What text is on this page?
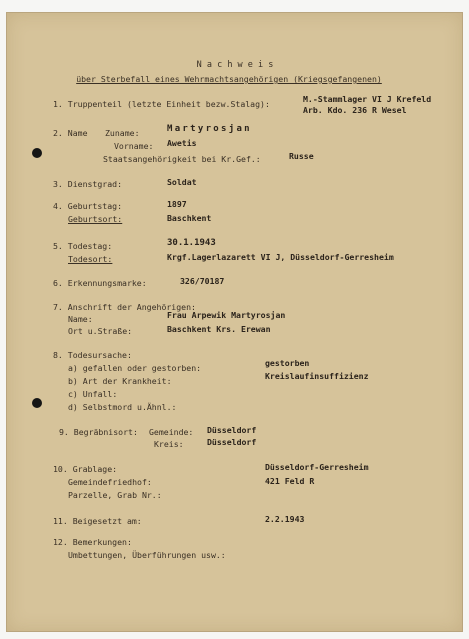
N a c h w e i s
über Sterbefall eines Wehrmachtsangehörigen (Kriegsgefangenen)
1. Truppenteil (letzte Einheit bezw.Stalag):	M.-Stammlager VI J Krefeld
Arb. Kdo. 236 R Wesel
2. Name Zuname:	Martyrosjan
Vorname: Awetis
Staatsangehörigkeit bei Kr.Gef.:	Russe
3. Dienstgrad:	Soldat
4. Geburtstag:	1897
Geburtsort:	Baschkent
5. Todestag:	30.1.1943
Todesort:	Krgf.Lagerlazarett VI J, Düsseldorf-Gerresheim
6. Erkennungsmarke:	326/70187
7. Anschrift der Angehörigen:
Name:	Frau Arpewik Martyrosjan
Ort u.Straße:	Baschkent Krs. Erewan
8. Todesursache:
a) gefallen oder gestorben:	gestorben
b) Art der Krankheit:	Kreislaufinsuffizienz
c) Unfall:
d) Selbstmord u.Ähnl.:
9. Begräbnisort: Gemeinde: Düsseldorf
Kreis:	Düsseldorf
10. Grablage:	Düsseldorf-Gerresheim
Gemeindefriedhof:	421 Feld R
Parzelle, Grab Nr.:
11. Beigesetzt am:	2.2.1943
12. Bemerkungen:
Umbettungen, Überführungen usw.:
